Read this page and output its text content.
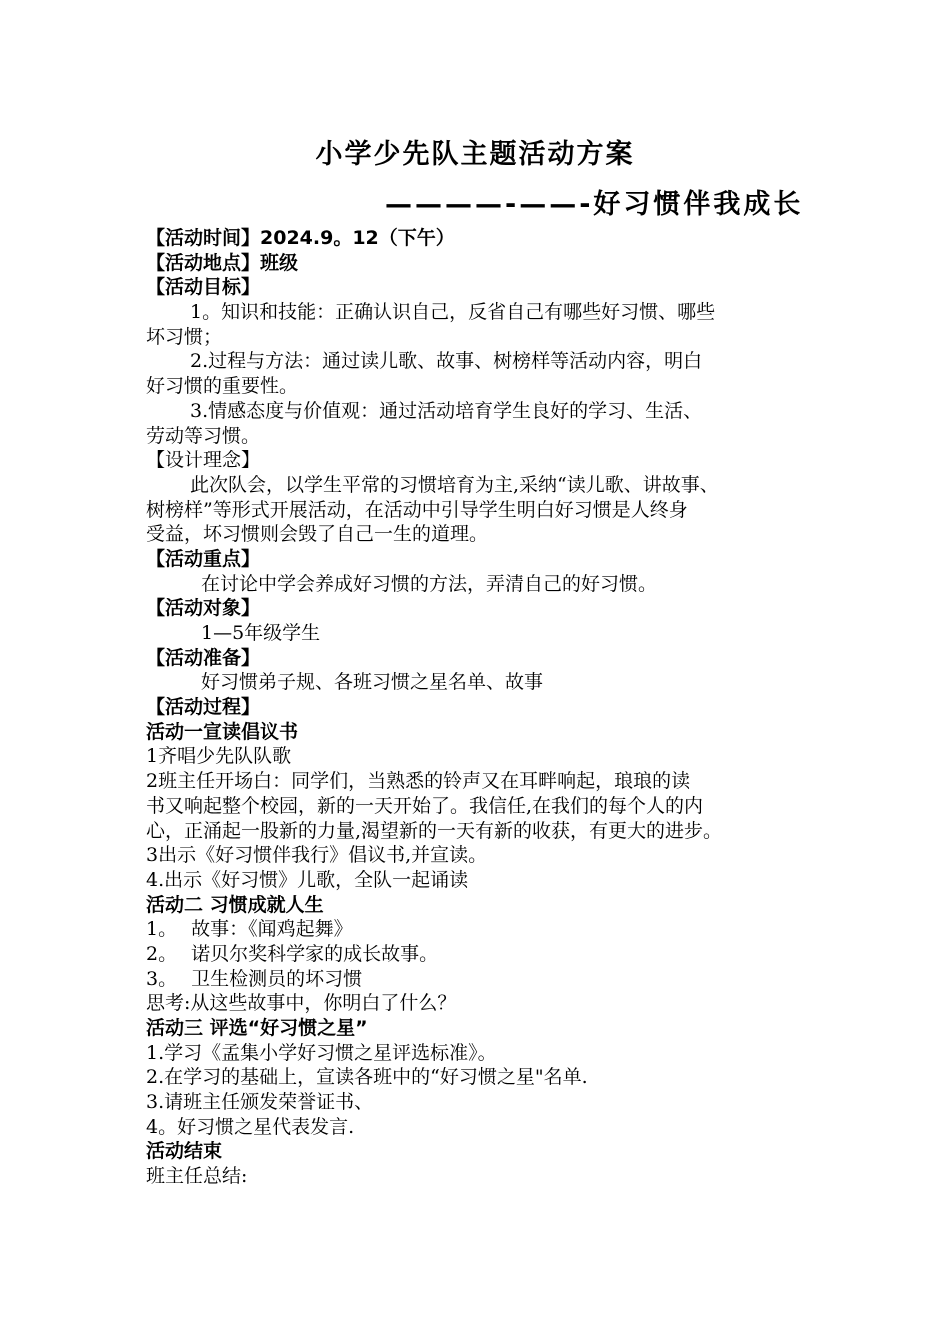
小学少先队主题活动方案
————-——-好习惯伴我成长
【活动时间】2024.9。12（下午）
【活动地点】班级
【活动目标】
1。知识和技能：正确认识自己，反省自己有哪些好习惯、哪些
坏习惯；
2.过程与方法：通过读儿歌、故事、树榜样等活动内容，明白
好习惯的重要性。
3.情感态度与价值观：通过活动培育学生良好的学习、生活、
劳动等习惯。
【设计理念】
此次队会，以学生平常的习惯培育为主,采纳“读儿歌、讲故事、
树榜样”等形式开展活动，在活动中引导学生明白好习惯是人终身
受益，坏习惯则会毁了自己一生的道理。
【活动重点】
在讨论中学会养成好习惯的方法，弄清自己的好习惯。
【活动对象】
1—5年级学生
【活动准备】
好习惯弟子规、各班习惯之星名单、故事
【活动过程】
活动一宣读倡议书
1齐唱少先队队歌
2班主任开场白：同学们，当熟悉的铃声又在耳畔响起，琅琅的读
书又响起整个校园，新的一天开始了。我信任,在我们的每个人的内
心，正涌起一股新的力量,渴望新的一天有新的收获，有更大的进步。
3出示《好习惯伴我行》倡议书,并宣读。
4.出示《好习惯》儿歌，全队一起诵读
活动二 习惯成就人生
1。 故事：《闻鸡起舞》
2。 诺贝尔奖科学家的成长故事。
3。 卫生检测员的坏习惯
思考:从这些故事中，你明白了什么？
活动三 评选“好习惯之星”
1.学习《孟集小学好习惯之星评选标准》。
2.在学习的基础上，宣读各班中的“好习惯之星"名单.
3.请班主任颁发荣誉证书、
4。好习惯之星代表发言.
活动结束
班主任总结:
